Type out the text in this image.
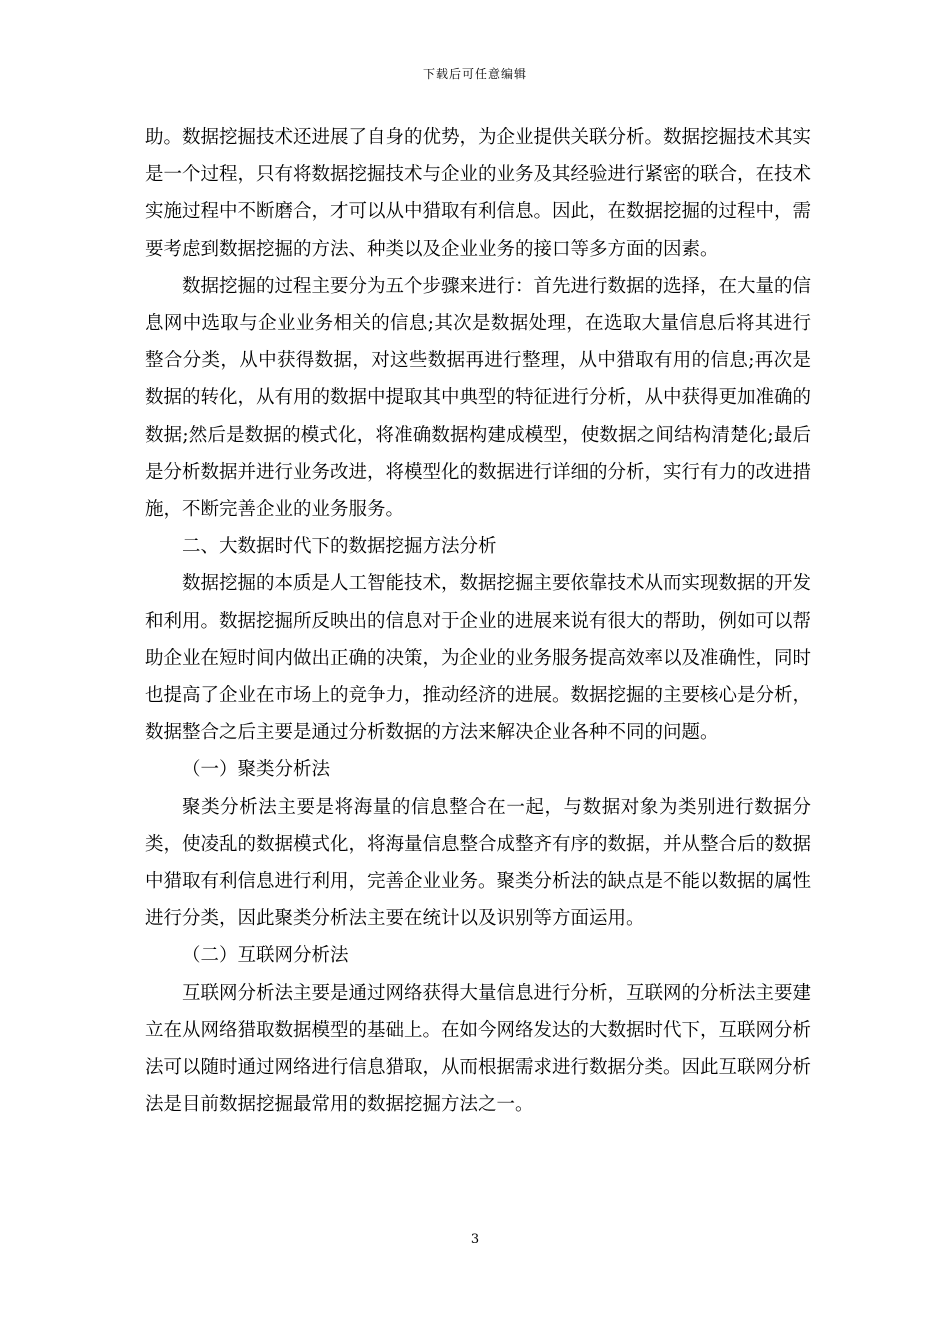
下载后可任意编辑

助。数据挖掘技术还进展了自身的优势，为企业提供关联分析。数据挖掘技术其实是一个过程，只有将数据挖掘技术与企业的业务及其经验进行紧密的联合，在技术实施过程中不断磨合，才可以从中猎取有利信息。因此，在数据挖掘的过程中，需要考虑到数据挖掘的方法、种类以及企业业务的接口等多方面的因素。

数据挖掘的过程主要分为五个步骤来进行：首先进行数据的选择，在大量的信息网中选取与企业业务相关的信息;其次是数据处理，在选取大量信息后将其进行整合分类，从中获得数据，对这些数据再进行整理，从中猎取有用的信息;再次是数据的转化，从有用的数据中提取其中典型的特征进行分析，从中获得更加准确的数据;然后是数据的模式化，将准确数据构建成模型，使数据之间结构清楚化;最后是分析数据并进行业务改进，将模型化的数据进行详细的分析，实行有力的改进措施，不断完善企业的业务服务。

二、大数据时代下的数据挖掘方法分析

数据挖掘的本质是人工智能技术，数据挖掘主要依靠技术从而实现数据的开发和利用。数据挖掘所反映出的信息对于企业的进展来说有很大的帮助，例如可以帮助企业在短时间内做出正确的决策，为企业的业务服务提高效率以及准确性，同时也提高了企业在市场上的竞争力，推动经济的进展。数据挖掘的主要核心是分析，数据整合之后主要是通过分析数据的方法来解决企业各种不同的问题。

（一）聚类分析法

聚类分析法主要是将海量的信息整合在一起，与数据对象为类别进行数据分类，使凌乱的数据模式化，将海量信息整合成整齐有序的数据，并从整合后的数据中猎取有利信息进行利用，完善企业业务。聚类分析法的缺点是不能以数据的属性进行分类，因此聚类分析法主要在统计以及识别等方面运用。

（二）互联网分析法

互联网分析法主要是通过网络获得大量信息进行分析，互联网的分析法主要建立在从网络猎取数据模型的基础上。在如今网络发达的大数据时代下，互联网分析法可以随时通过网络进行信息猎取，从而根据需求进行数据分类。因此互联网分析法是目前数据挖掘最常用的数据挖掘方法之一。

3
